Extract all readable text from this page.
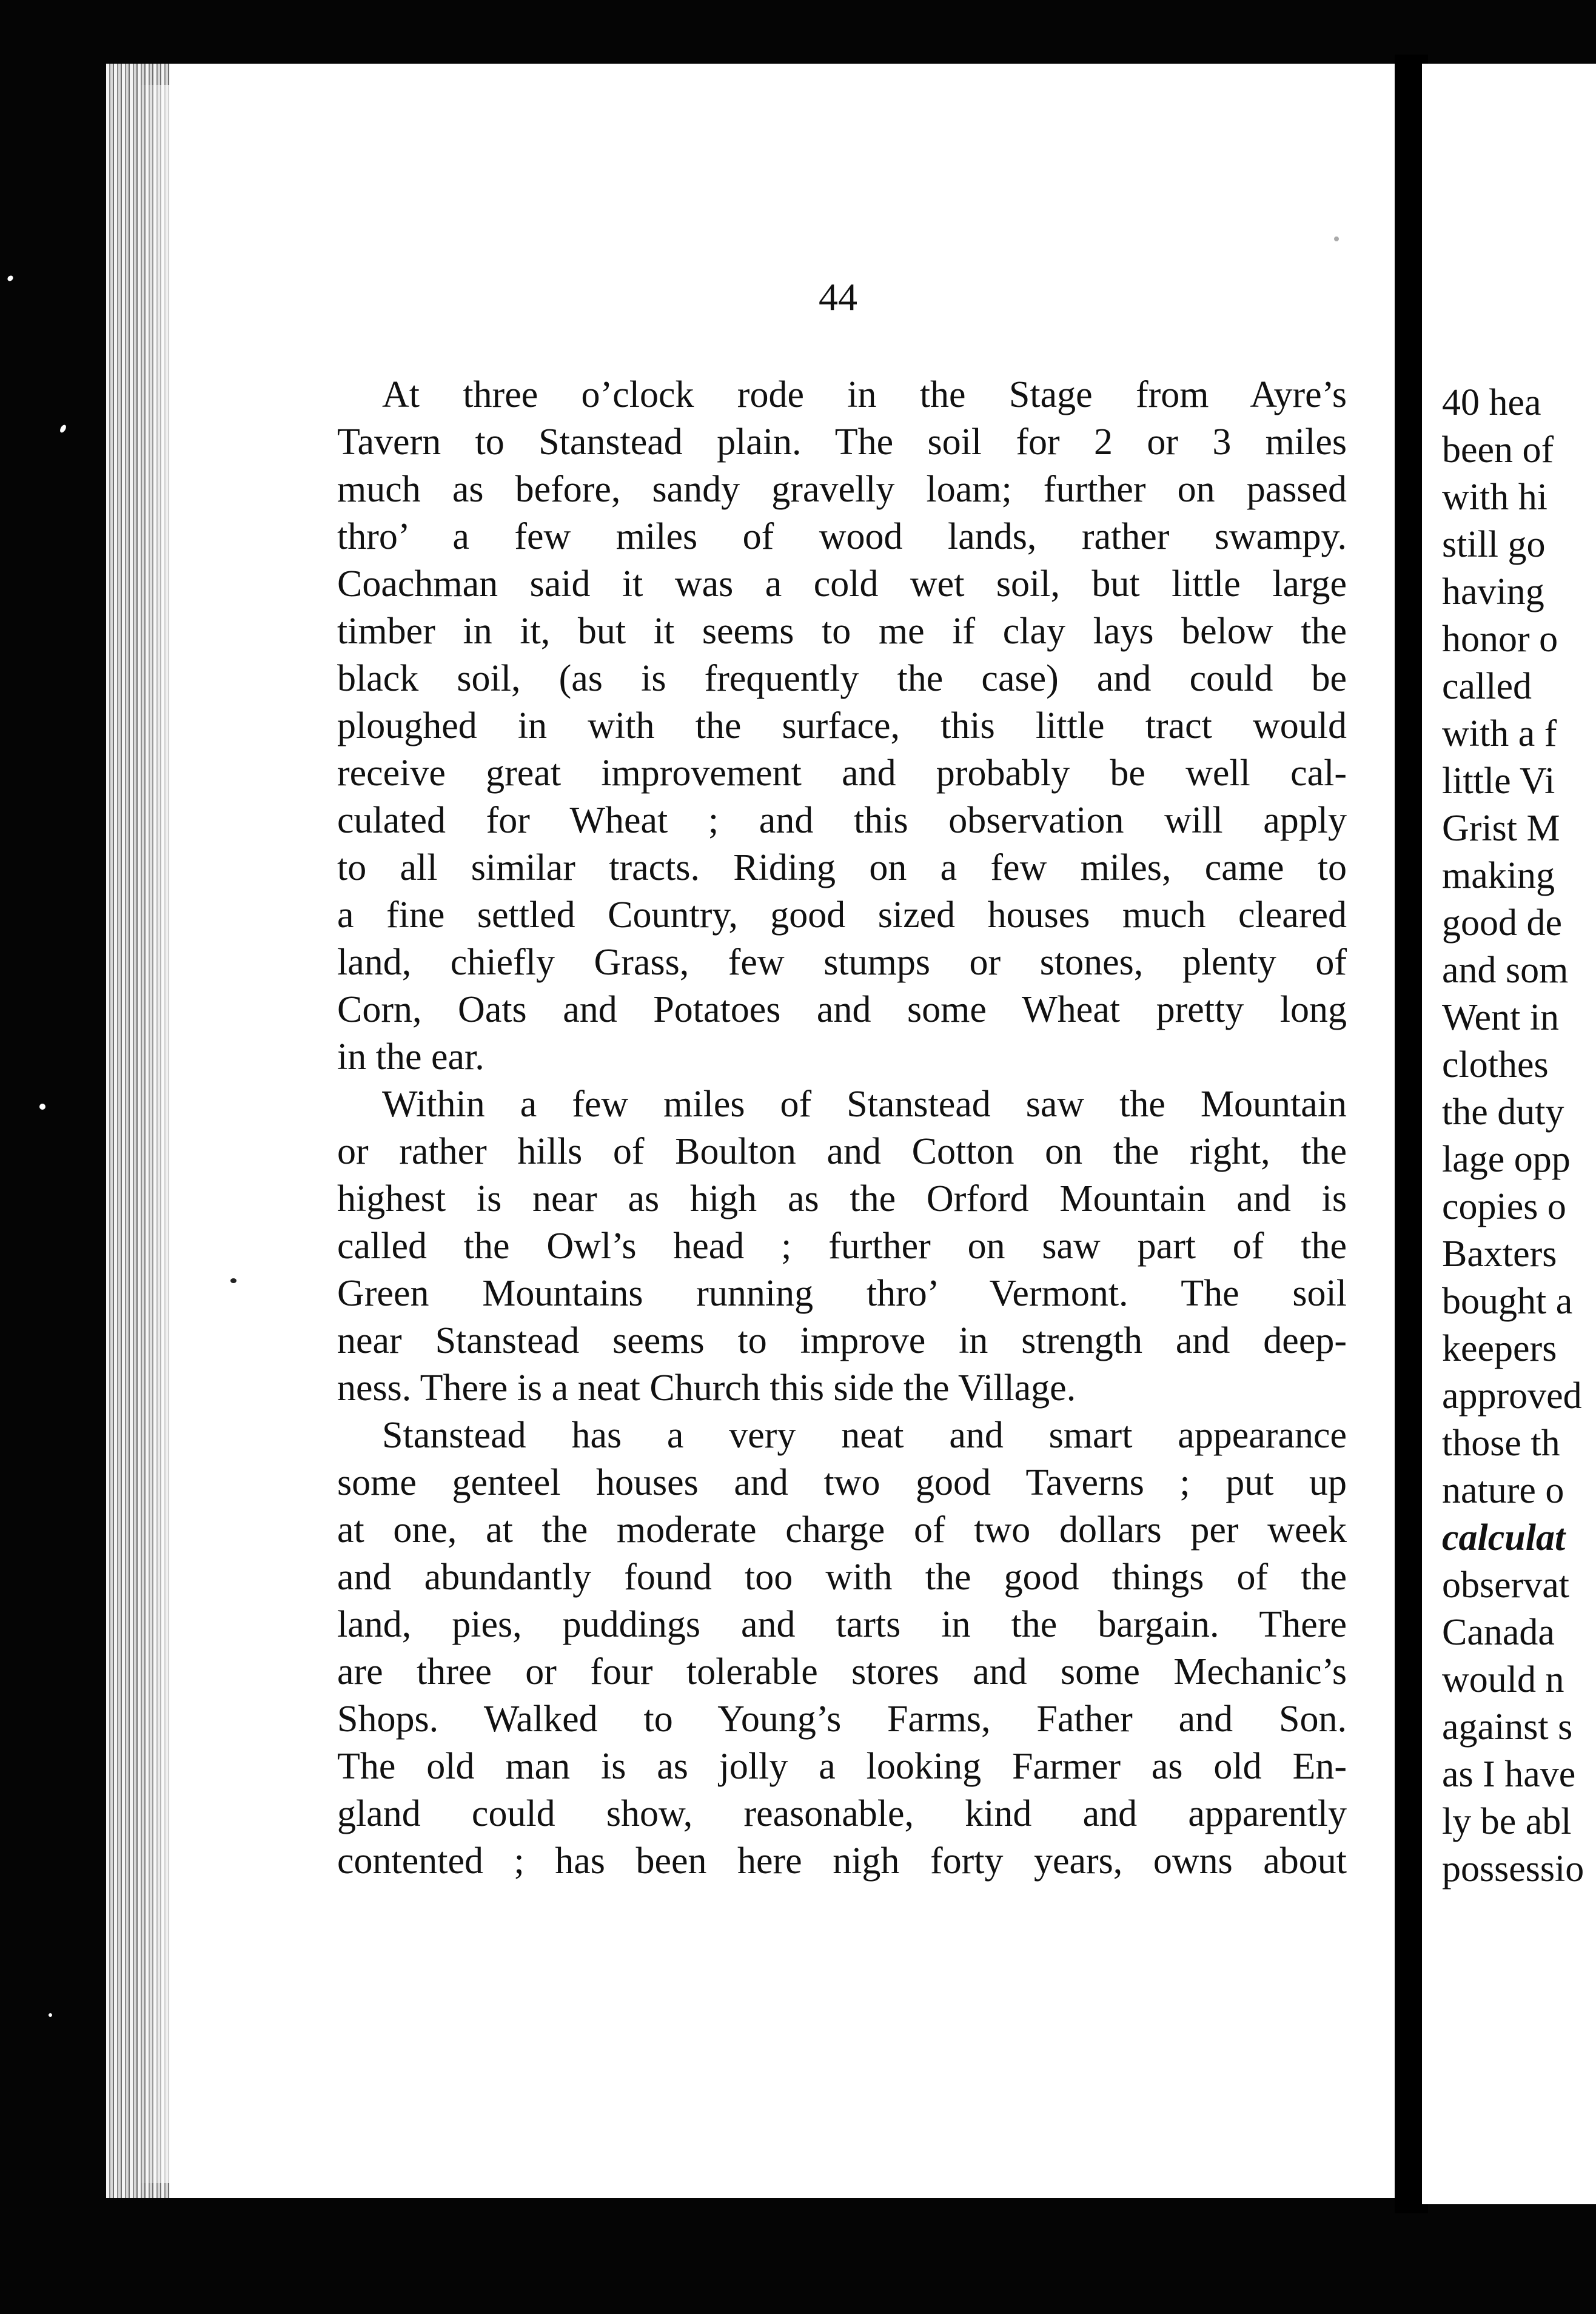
44
At three o’clock rode in the Stage from Ayre’s
Tavern to Stanstead plain. The soil for 2 or 3 miles
much as before, sandy gravelly loam; further on passed
thro’ a few miles of wood lands, rather swampy.
Coachman said it was a cold wet soil, but little large
timber in it, but it seems to me if clay lays below the
black soil, (as is frequently the case) and could be
ploughed in with the surface, this little tract would
receive great improvement and probably be well cal-
culated for Wheat ; and this observation will apply
to all similar tracts. Riding on a few miles, came to
a fine settled Country, good sized houses much cleared
land, chiefly Grass, few stumps or stones, plenty of
Corn, Oats and Potatoes and some Wheat pretty long
in the ear.
Within a few miles of Stanstead saw the Mountain
or rather hills of Boulton and Cotton on the right, the
highest is near as high as the Orford Mountain and is
called the Owl’s head ; further on saw part of the
Green Mountains running thro’ Vermont. The soil
near Stanstead seems to improve in strength and deep-
ness. There is a neat Church this side the Village.
Stanstead has a very neat and smart appearance
some genteel houses and two good Taverns ; put up
at one, at the moderate charge of two dollars per week
and abundantly found too with the good things of the
land, pies, puddings and tarts in the bargain. There
are three or four tolerable stores and some Mechanic’s
Shops. Walked to Young’s Farms, Father and Son.
The old man is as jolly a looking Farmer as old En-
gland could show, reasonable, kind and apparently
contented ; has been here nigh forty years, owns about
40 hea
been of
with hi
still go
having
honor o
called
with a f
little Vi
Grist M
making
good de
and som
Went in
clothes
the duty
lage opp
copies o
Baxters
bought a
keepers
approved
those th
nature o
calculat
observat
Canada
would n
against s
as I have
ly be abl
possessio
